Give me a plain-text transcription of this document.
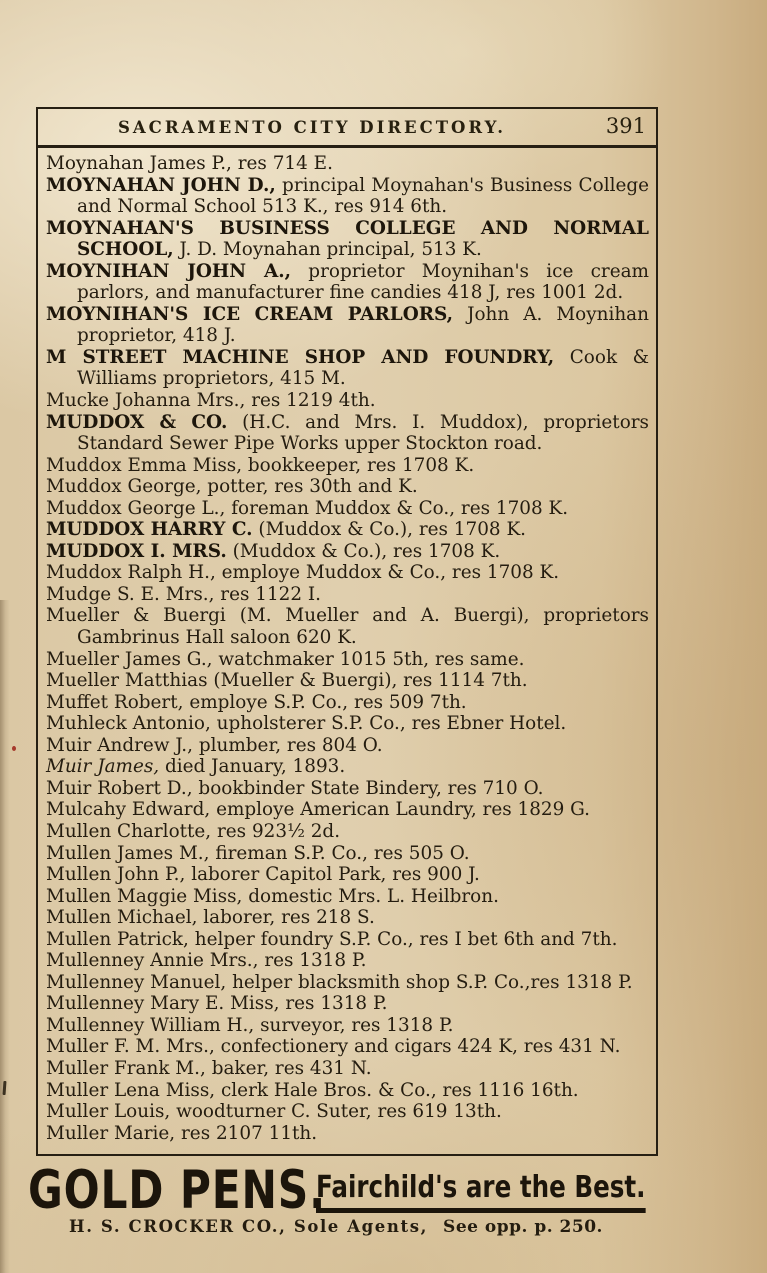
SACRAMENTO CITY DIRECTORY.	391

Moynahan James P., res 714 E.

MOYNAHAN JOHN D., principal Moynahan's Business College and Normal School 513 K., res 914 6th.

MOYNAHAN'S BUSINESS COLLEGE AND NORMAL SCHOOL, J. D. Moynahan principal, 513 K.

MOYNIHAN JOHN A., proprietor Moynihan's ice cream parlors, and manufacturer fine candies 418 J, res 1001 2d.

MOYNIHAN'S ICE CREAM PARLORS, John A. Moynihan proprietor, 418 J.

M STREET MACHINE SHOP AND FOUNDRY, Cook & Williams proprietors, 415 M.

Mucke Johanna Mrs., res 1219 4th.

MUDDOX & CO. (H.C. and Mrs. I. Muddox), proprietors Standard Sewer Pipe Works upper Stockton road.

Muddox Emma Miss, bookkeeper, res 1708 K.

Muddox George, potter, res 30th and K.

Muddox George L., foreman Muddox & Co., res 1708 K.

MUDDOX HARRY C. (Muddox & Co.), res 1708 K.

MUDDOX I. MRS. (Muddox & Co.), res 1708 K.

Muddox Ralph H., employe Muddox & Co., res 1708 K.

Mudge S. E. Mrs., res 1122 I.

Mueller & Buergi (M. Mueller and A. Buergi), proprietors Gambrinus Hall saloon 620 K.

Mueller James G., watchmaker 1015 5th, res same.

Mueller Matthias (Mueller & Buergi), res 1114 7th.

Muffet Robert, employe S.P. Co., res 509 7th.

Muhleck Antonio, upholsterer S.P. Co., res Ebner Hotel.

Muir Andrew J., plumber, res 804 O.

Muir James, died January, 1893.

Muir Robert D., bookbinder State Bindery, res 710 O.

Mulcahy Edward, employe American Laundry, res 1829 G.

Mullen Charlotte, res 923½ 2d.

Mullen James M., fireman S.P. Co., res 505 O.

Mullen John P., laborer Capitol Park, res 900 J.

Mullen Maggie Miss, domestic Mrs. L. Heilbron.

Mullen Michael, laborer, res 218 S.

Mullen Patrick, helper foundry S.P. Co., res I bet 6th and 7th.

Mullenney Annie Mrs., res 1318 P.

Mullenney Manuel, helper blacksmith shop S.P. Co.,res 1318 P.

Mullenney Mary E. Miss, res 1318 P.

Mullenney William H., surveyor, res 1318 P.

Muller F. M. Mrs., confectionery and cigars 424 K, res 431 N.

Muller Frank M., baker, res 431 N.

Muller Lena Miss, clerk Hale Bros. & Co., res 1116 16th.

Muller Louis, woodturner C. Suter, res 619 13th.

Muller Marie, res 2107 11th.

GOLD PENS.
Fairchild's are the Best.
H. S. CROCKER CO., Sole Agents, See opp. p. 250.
